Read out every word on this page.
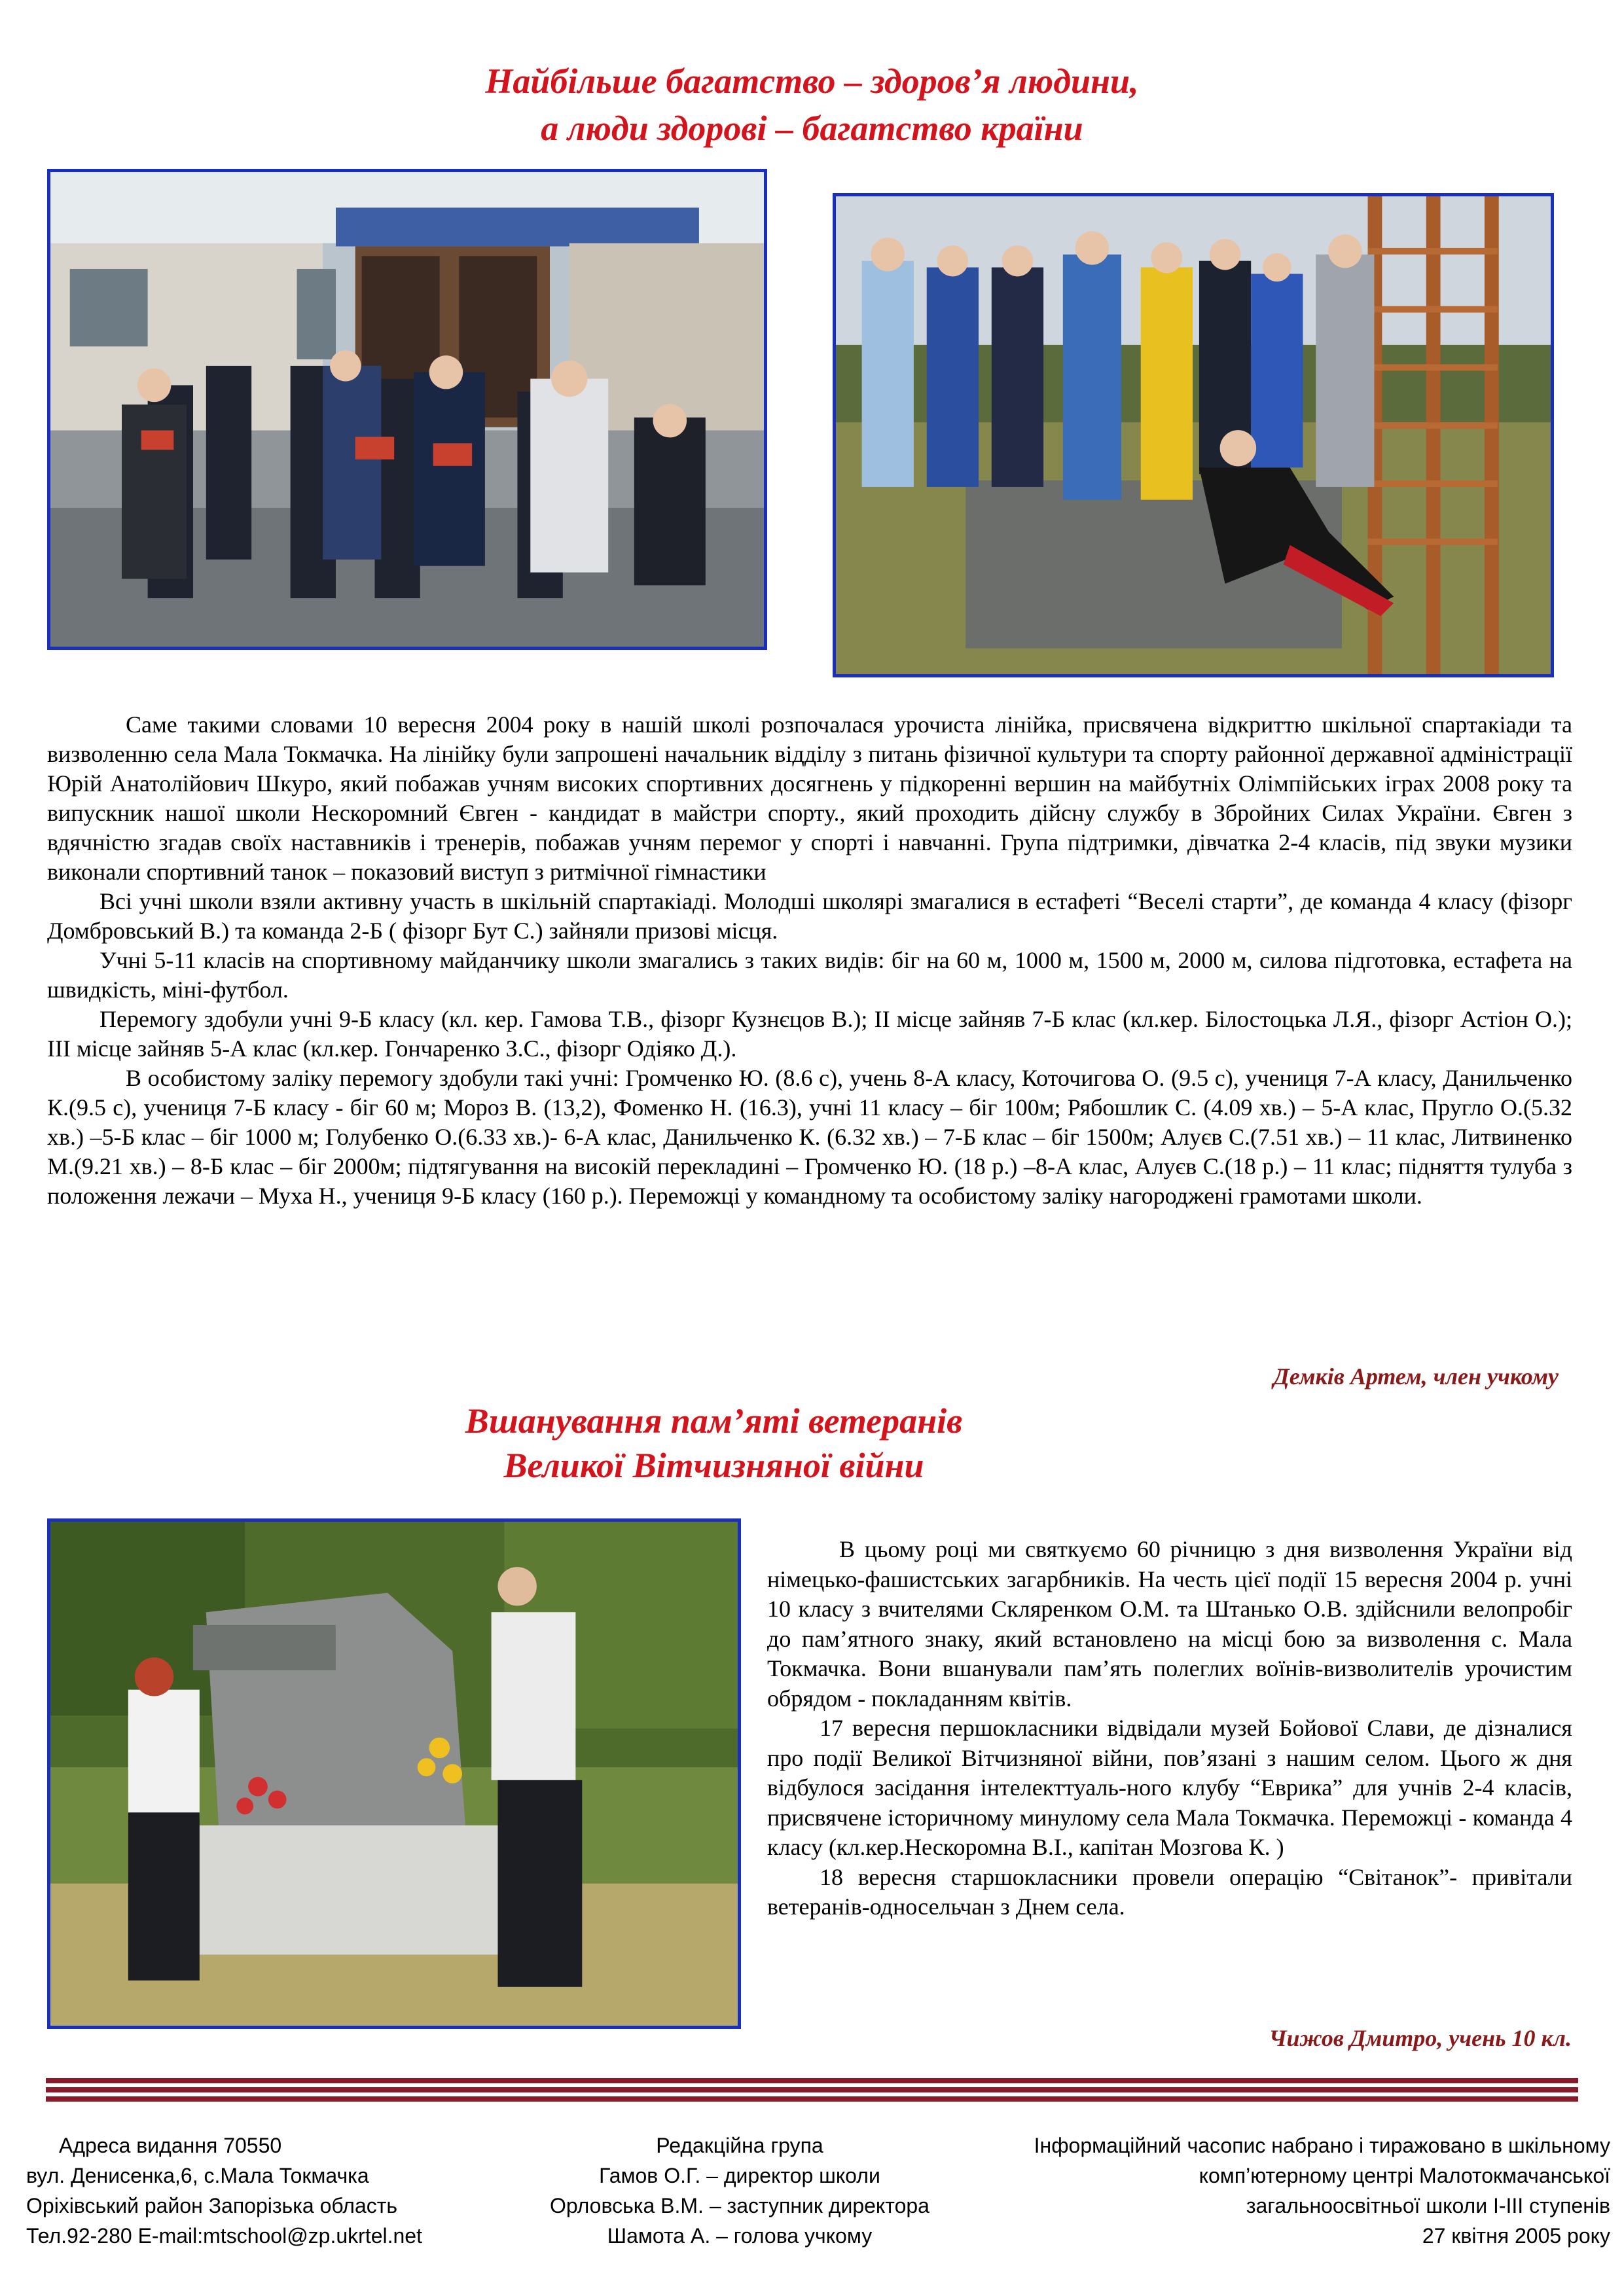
Найбільше багатство – здоров’я людини,
а люди здорові – багатство країни

Саме такими словами 10 вересня 2004 року в нашій школі розпочалася урочиста лінійка, присвячена відкриттю шкільної спартакіади та визволенню села Мала Токмачка. На лінійку були запрошені начальник відділу з питань фізичної культури та спорту районної державної адміністрації Юрій Анатолійович Шкуро, який побажав учням високих спортивних досягнень у підкоренні вершин на майбутніх Олімпійських іграх 2008 року та випускник нашої школи Нескоромний Євген - кандидат в майстри спорту., який проходить дійсну службу в Збройних Силах України. Євген з вдячністю згадав своїх наставників і тренерів, побажав учням перемог у спорті і навчанні. Група підтримки, дівчатка 2-4 класів, під звуки музики виконали спортивний танок – показовий виступ з ритмічної гімнастики

Всі учні школи взяли активну участь в шкільній спартакіаді. Молодші школярі змагалися в естафеті “Веселі старти”, де команда 4 класу (фізорг Домбровський В.) та команда 2-Б ( фізорг Бут С.) зайняли призові місця.

Учні 5-11 класів на спортивному майданчику школи змагались з таких видів: біг на 60 м, 1000 м, 1500 м, 2000 м, силова підготовка, естафета на швидкість, міні-футбол.

Перемогу здобули учні 9-Б класу (кл. кер. Гамова Т.В., фізорг Кузнєцов В.); ІІ місце зайняв 7-Б клас (кл.кер. Білостоцька Л.Я., фізорг Астіон О.); ІІІ місце зайняв 5-А клас (кл.кер. Гончаренко З.С., фізорг Одіяко Д.).

В особистому заліку перемогу здобули такі учні: Громченко Ю. (8.6 с), учень 8-А класу, Коточигова О. (9.5 с), учениця 7-А класу, Данильченко К.(9.5 с), учениця 7-Б класу - біг 60 м; Мороз В. (13,2), Фоменко Н. (16.3), учні 11 класу – біг 100м; Рябошлик С. (4.09 хв.) – 5-А клас, Пругло О.(5.32 хв.) –5-Б клас – біг 1000 м; Голубенко О.(6.33 хв.)- 6-А клас, Данильченко К. (6.32 хв.) – 7-Б клас – біг 1500м; Алуєв С.(7.51 хв.) – 11 клас, Литвиненко М.(9.21 хв.) – 8-Б клас – біг 2000м; підтягування на високій перекладині – Громченко Ю. (18 р.) –8-А клас, Алуєв С.(18 р.) – 11 клас; підняття тулуба з положення лежачи – Муха Н., учениця 9-Б класу (160 р.). Переможці у командному та особистому заліку нагороджені грамотами школи.

Демків Артем, член учкому
Вшанування пам’яті ветеранів
Великої Вітчизняної війни

В цьому році ми святкуємо 60 річницю з дня визволення України від німецько-фашистських загарбників. На честь цієї події 15 вересня 2004 р. учні 10 класу з вчителями Скляренком О.М. та Штанько О.В. здійснили велопробіг до пам’ятного знаку, який встановлено на місці бою за визволення с. Мала Токмачка. Вони вшанували пам’ять полеглих воїнів-визволителів урочистим обрядом - покладанням квітів.

17 вересня першокласники відвідали музей Бойової Слави, де дізналися про події Великої Вітчизняної війни, пов’язані з нашим селом. Цього ж дня відбулося засідання інтелекттуаль-ного клубу “Еврика” для учнів 2-4 класів, присвячене історичному минулому села Мала Токмачка. Переможці - команда 4 класу (кл.кер.Нескоромна В.І., капітан Мозгова К. )

18 вересня старшокласники провели операцію “Світанок”- привітали ветеранів-односельчан з Днем села.

Чижов Дмитро, учень 10 кл.
Адреса видання 70550
вул. Денисенка,6, с.Мала Токмачка
Оріхівський район Запорізька область
Тел.92-280 E-mail:mtschool@zp.ukrtel.net
Редакційна група
Гамов О.Г. – директор школи
Орловська В.М. – заступник директора
Шамота А. – голова учкому
Інформаційний часопис набрано і тиражовано в шкільному
комп’ютерному центрі Малотокмачанської
загальноосвітньої школи І-ІІІ ступенів
27 квітня 2005 року
